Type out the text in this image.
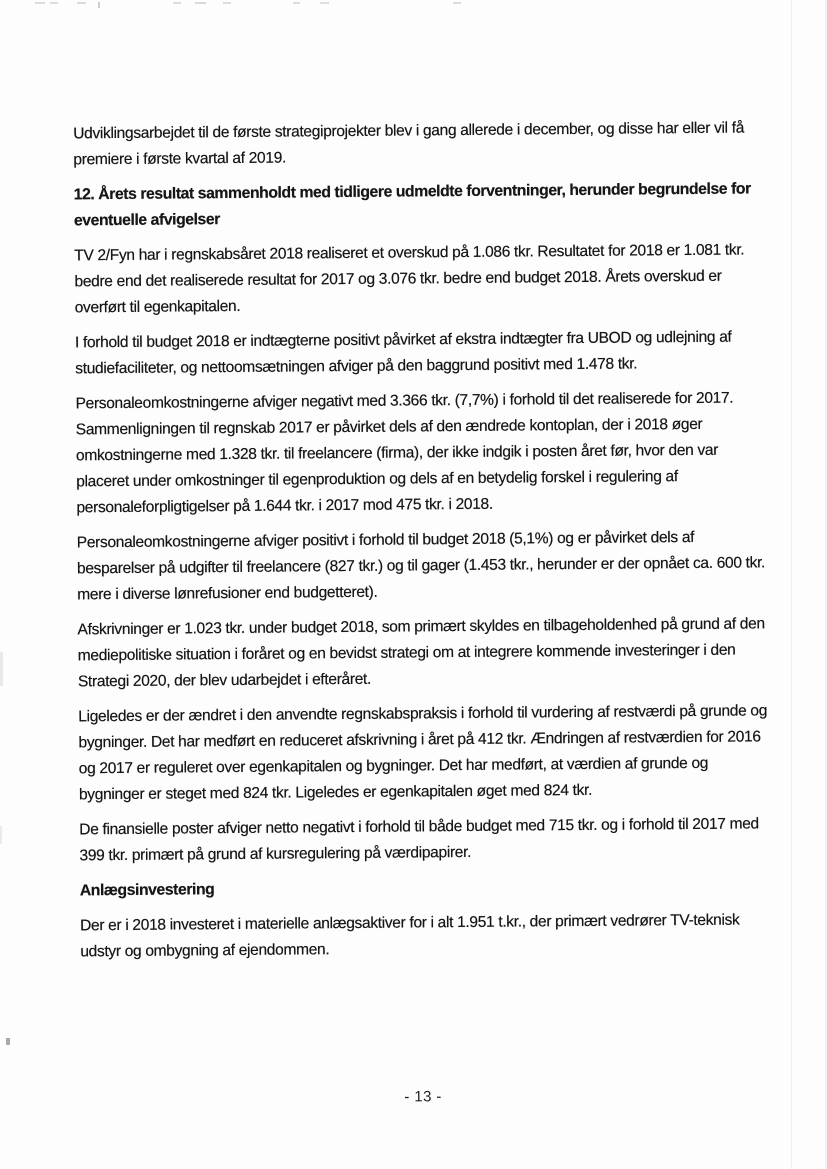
Udviklingsarbejdet til de første strategiprojekter blev i gang allerede i december, og disse har eller vil få premiere i første kvartal af 2019.

12. Årets resultat sammenholdt med tidligere udmeldte forventninger, herunder begrundelse for eventuelle afvigelser

TV 2/Fyn har i regnskabsåret 2018 realiseret et overskud på 1.086 tkr. Resultatet for 2018 er 1.081 tkr.  bedre end det realiserede resultat for 2017 og 3.076 tkr. bedre end budget 2018. Årets overskud er overført til egenkapitalen.

I forhold til budget 2018 er indtægterne positivt påvirket af ekstra indtægter fra UBOD og udlejning af studiefaciliteter, og nettoomsætningen afviger på den baggrund positivt med 1.478 tkr.

Personaleomkostningerne afviger negativt med 3.366 tkr. (7,7%) i forhold til det realiserede for 2017.  Sammenligningen til regnskab 2017 er påvirket dels af den ændrede kontoplan, der i 2018 øger omkostningerne med 1.328 tkr. til freelancere (firma), der ikke indgik i posten året før, hvor den var placeret under omkostninger til egenproduktion og dels af en betydelig forskel i regulering af personaleforpligtigelser på 1.644 tkr. i 2017 mod 475 tkr. i 2018.

Personaleomkostningerne afviger positivt i forhold til budget 2018 (5,1%) og er påvirket dels af besparelser på udgifter til freelancere (827 tkr.) og til gager (1.453 tkr., herunder er der opnået ca. 600 tkr. mere i diverse lønrefusioner end budgetteret).

Afskrivninger er 1.023 tkr. under budget 2018, som primært skyldes en tilbageholdenhed på grund af den mediepolitiske situation i foråret og en bevidst strategi om at integrere kommende investeringer i den Strategi 2020, der blev udarbejdet i efteråret.

Ligeledes er der ændret i den anvendte regnskabspraksis i forhold til vurdering af restværdi på grunde og bygninger. Det har medført en reduceret afskrivning i året på 412 tkr. Ændringen af restværdien for 2016 og 2017 er reguleret over egenkapitalen og bygninger. Det har medført, at værdien af grunde og bygninger er steget med 824 tkr. Ligeledes er egenkapitalen øget med 824 tkr.

De finansielle poster afviger netto negativt i forhold til både budget med 715 tkr. og i forhold til 2017 med 399 tkr. primært på grund af kursregulering på værdipapirer.

Anlægsinvestering

Der er i 2018 investeret i materielle anlægsaktiver for i alt 1.951 t.kr., der primært vedrører TV-teknisk udstyr og ombygning af ejendommen.

- 13 -
